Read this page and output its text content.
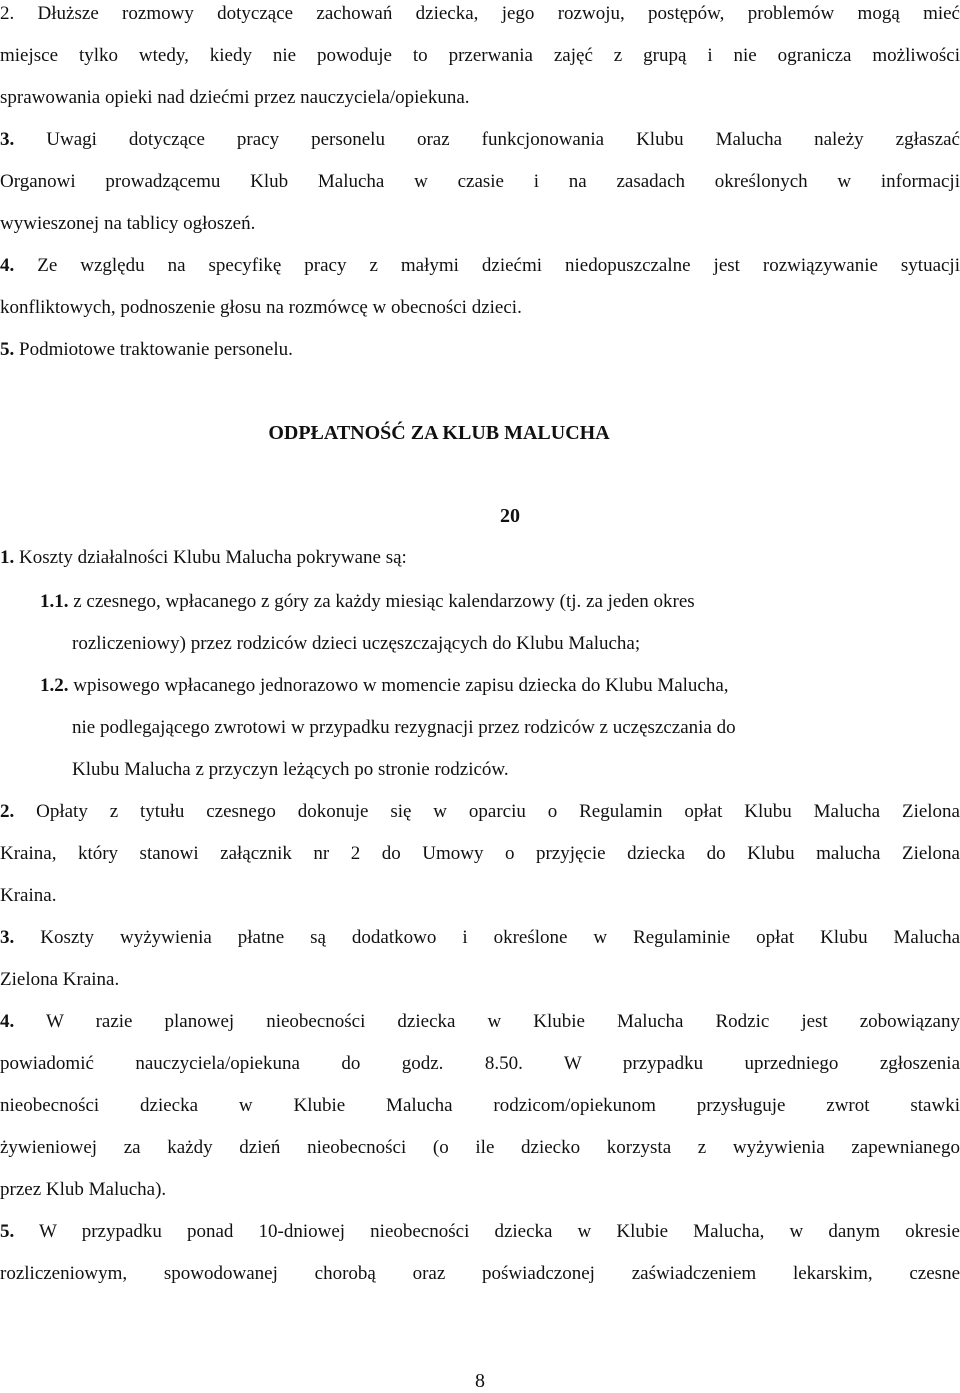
2. Dłuższe rozmowy dotyczące zachowań dziecka, jego rozwoju, postępów, problemów mogą mieć
miejsce tylko wtedy, kiedy nie powoduje to przerwania zajęć z grupą i nie ogranicza możliwości
sprawowania opieki nad dziećmi przez nauczyciela/opiekuna.
3. Uwagi dotyczące pracy personelu oraz funkcjonowania Klubu Malucha należy zgłaszać
Organowi prowadzącemu Klub Malucha w czasie i na zasadach określonych w informacji
wywieszonej na tablicy ogłoszeń.
4. Ze względu na specyfikę pracy z małymi dziećmi niedopuszczalne jest rozwiązywanie sytuacji
konfliktowych, podnoszenie głosu na rozmówcę w obecności dzieci.
5. Podmiotowe traktowanie personelu.
ODPŁATNOŚĆ ZA KLUB MALUCHA
20
1. Koszty działalności Klubu Malucha pokrywane są:
1.1. z czesnego, wpłacanego z góry za każdy miesiąc kalendarzowy (tj. za jeden okres
rozliczeniowy) przez rodziców dzieci uczęszczających do Klubu Malucha;
1.2. wpisowego wpłacanego jednorazowo w momencie zapisu dziecka do Klubu Malucha,
nie podlegającego zwrotowi w przypadku rezygnacji przez rodziców z uczęszczania do
Klubu Malucha z przyczyn leżących po stronie rodziców.
2. Opłaty z tytułu czesnego dokonuje się w oparciu o Regulamin opłat Klubu Malucha Zielona
Kraina, który stanowi załącznik nr 2 do Umowy o przyjęcie dziecka do Klubu malucha Zielona
Kraina.
3. Koszty wyżywienia płatne są dodatkowo i określone w Regulaminie opłat Klubu Malucha
Zielona Kraina.
4. W razie planowej nieobecności dziecka w Klubie Malucha Rodzic jest zobowiązany
powiadomić nauczyciela/opiekuna do godz. 8.50. W przypadku uprzedniego zgłoszenia
nieobecności dziecka w Klubie Malucha rodzicom/opiekunom przysługuje zwrot stawki
żywieniowej za każdy dzień nieobecności (o ile dziecko korzysta z wyżywienia zapewnianego
przez Klub Malucha).
5. W przypadku ponad 10-dniowej nieobecności dziecka w Klubie Malucha, w danym okresie
rozliczeniowym, spowodowanej chorobą oraz poświadczonej zaświadczeniem lekarskim, czesne
8
